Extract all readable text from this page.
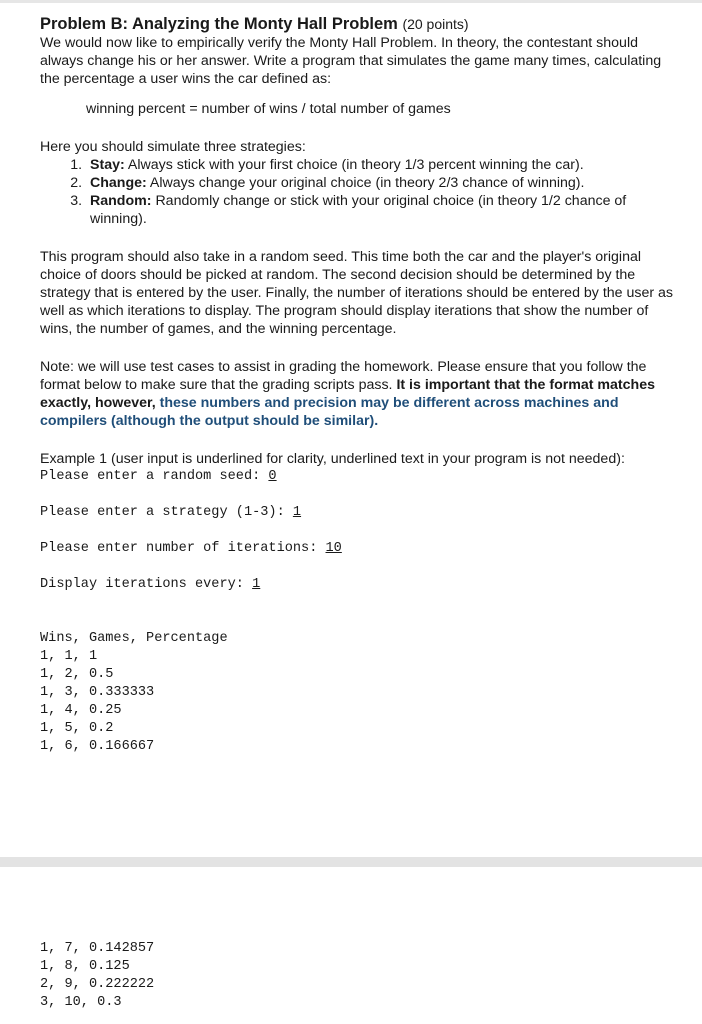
Problem B: Analyzing the Monty Hall Problem (20 points)

We would now like to empirically verify the Monty Hall Problem. In theory, the contestant should always change his or her answer. Write a program that simulates the game many times, calculating the percentage a user wins the car defined as:

winning percent = number of wins / total number of games

Here you should simulate three strategies:

1. Stay: Always stick with your first choice (in theory 1/3 percent winning the car).
2. Change: Always change your original choice (in theory 2/3 chance of winning).
3. Random: Randomly change or stick with your original choice (in theory 1/2 chance of winning).

This program should also take in a random seed. This time both the car and the player's original choice of doors should be picked at random. The second decision should be determined by the strategy that is entered by the user. Finally, the number of iterations should be entered by the user as well as which iterations to display. The program should display iterations that show the number of wins, the number of games, and the winning percentage.

Note: we will use test cases to assist in grading the homework. Please ensure that you follow the format below to make sure that the grading scripts pass. It is important that the format matches exactly, however, these numbers and precision may be different across machines and compilers (although the output should be similar).

Example 1 (user input is underlined for clarity, underlined text in your program is not needed):

Please enter a random seed: 0
Please enter a strategy (1-3): 1
Please enter number of iterations: 10
Display iterations every: 1
Wins, Games, Percentage
1, 1, 1
1, 2, 0.5
1, 3, 0.333333
1, 4, 0.25
1, 5, 0.2
1, 6, 0.166667
1, 7, 0.142857
1, 8, 0.125
2, 9, 0.222222
3, 10, 0.3
